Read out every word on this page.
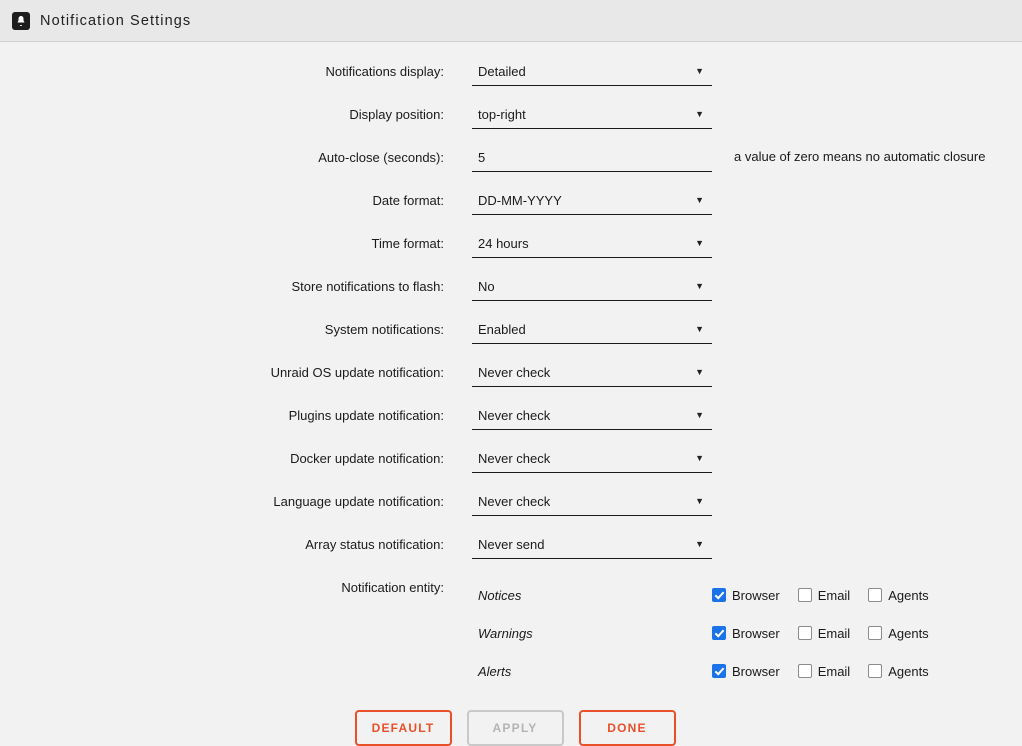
Notification Settings
Notifications display:
Detailed	▼
Display position:
top-right	▼
Auto-close (seconds):
5	a value of zero means no automatic closure
Date format:
DD-MM-YYYY	▼
Time format:
24 hours	▼
Store notifications to flash:
No	▼
System notifications:
Enabled	▼
Unraid OS update notification:
Never check	▼
Plugins update notification:
Never check	▼
Docker update notification:
Never check	▼
Language update notification:
Never check	▼
Array status notification:
Never send	▼
Notification entity:	Notices	Browser	Email	Agents
Warnings	Browser	Email	Agents
Alerts	Browser	Email	Agents
DEFAULT	APPLY	DONE
